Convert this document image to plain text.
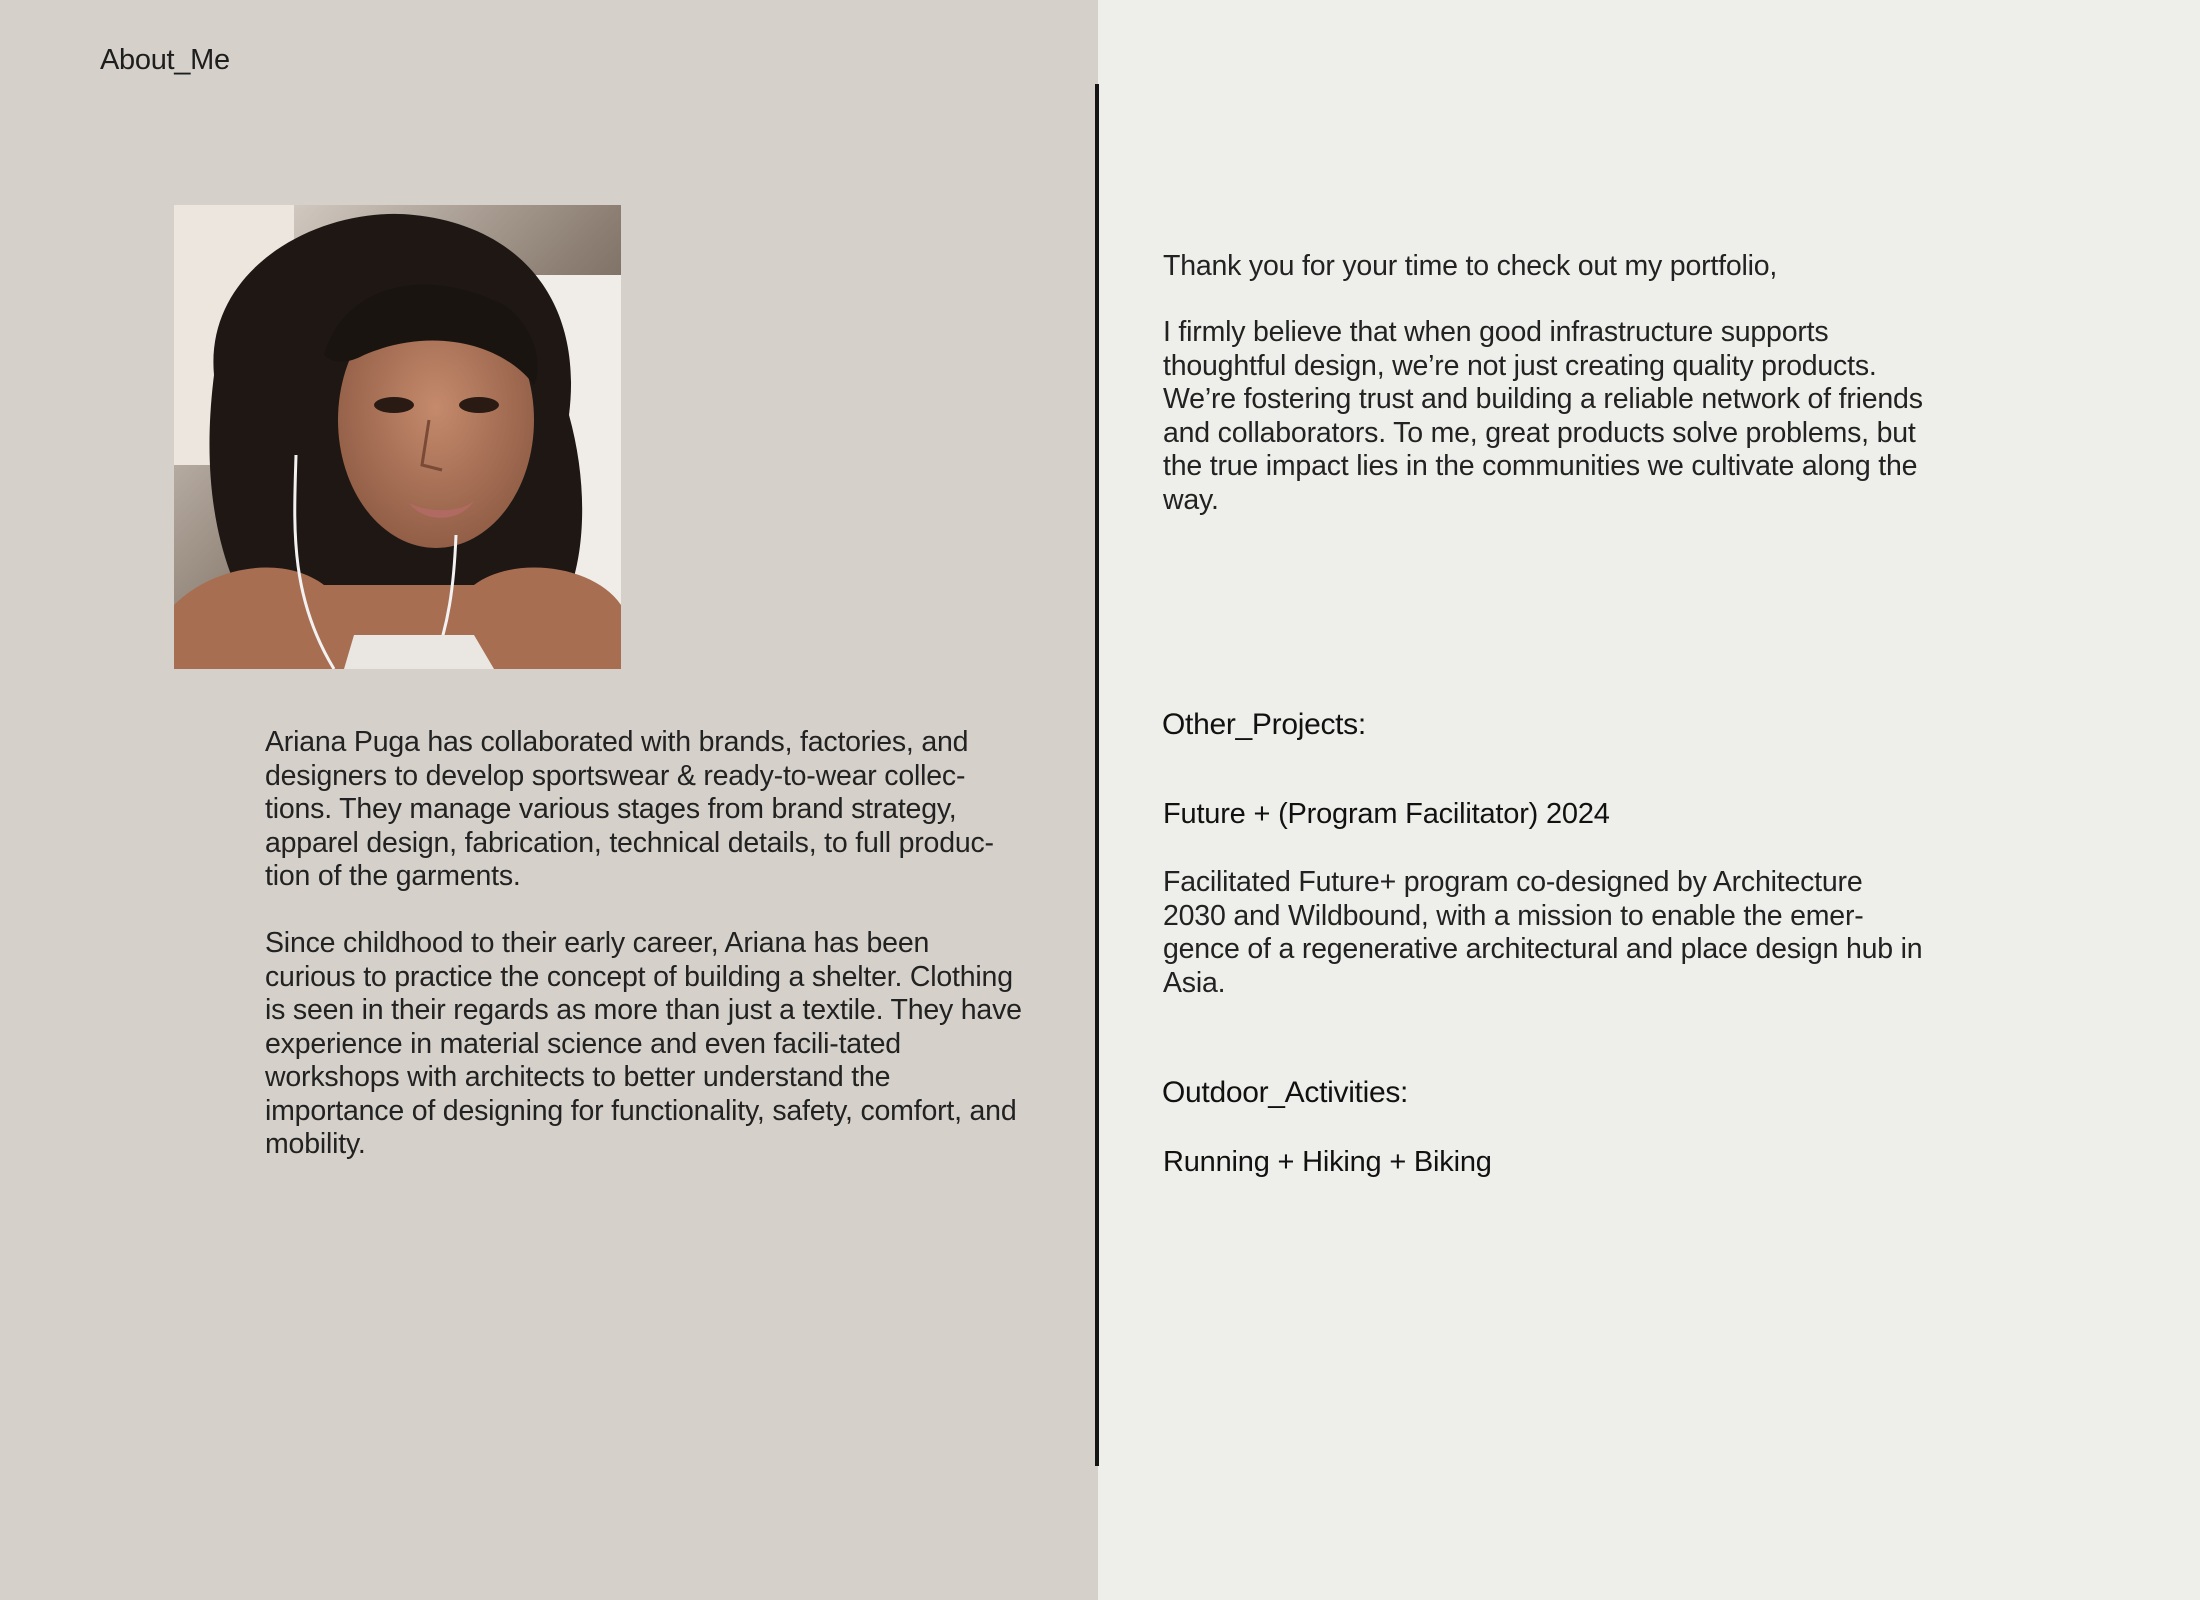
About_Me

Ariana Puga has collaborated with brands, factories, and designers to develop sportswear & ready-to-wear collec-tions. They manage various stages from brand strategy, apparel design, fabrication, technical details, to full produc-tion of the garments.

Since childhood to their early career, Ariana has been curious to practice the concept of building a shelter. Clothing is seen in their regards as more than just a textile. They have experience in material science and even facili-tated workshops with architects to better understand the importance of designing for functionality, safety, comfort, and mobility.

Thank you for your time to check out my portfolio,
I firmly believe that when good infrastructure supports thoughtful design, we’re not just creating quality products. We’re fostering trust and building a reliable network of friends and collaborators. To me, great products solve problems, but the true impact lies in the communities we cultivate along the way.
Other_Projects:
Future + (Program Facilitator) 2024
Facilitated Future+ program co-designed by Architecture 2030 and Wildbound, with a mission to enable the emer-gence of a regenerative architectural and place design hub in Asia.
Outdoor_Activities:
Running + Hiking + Biking
